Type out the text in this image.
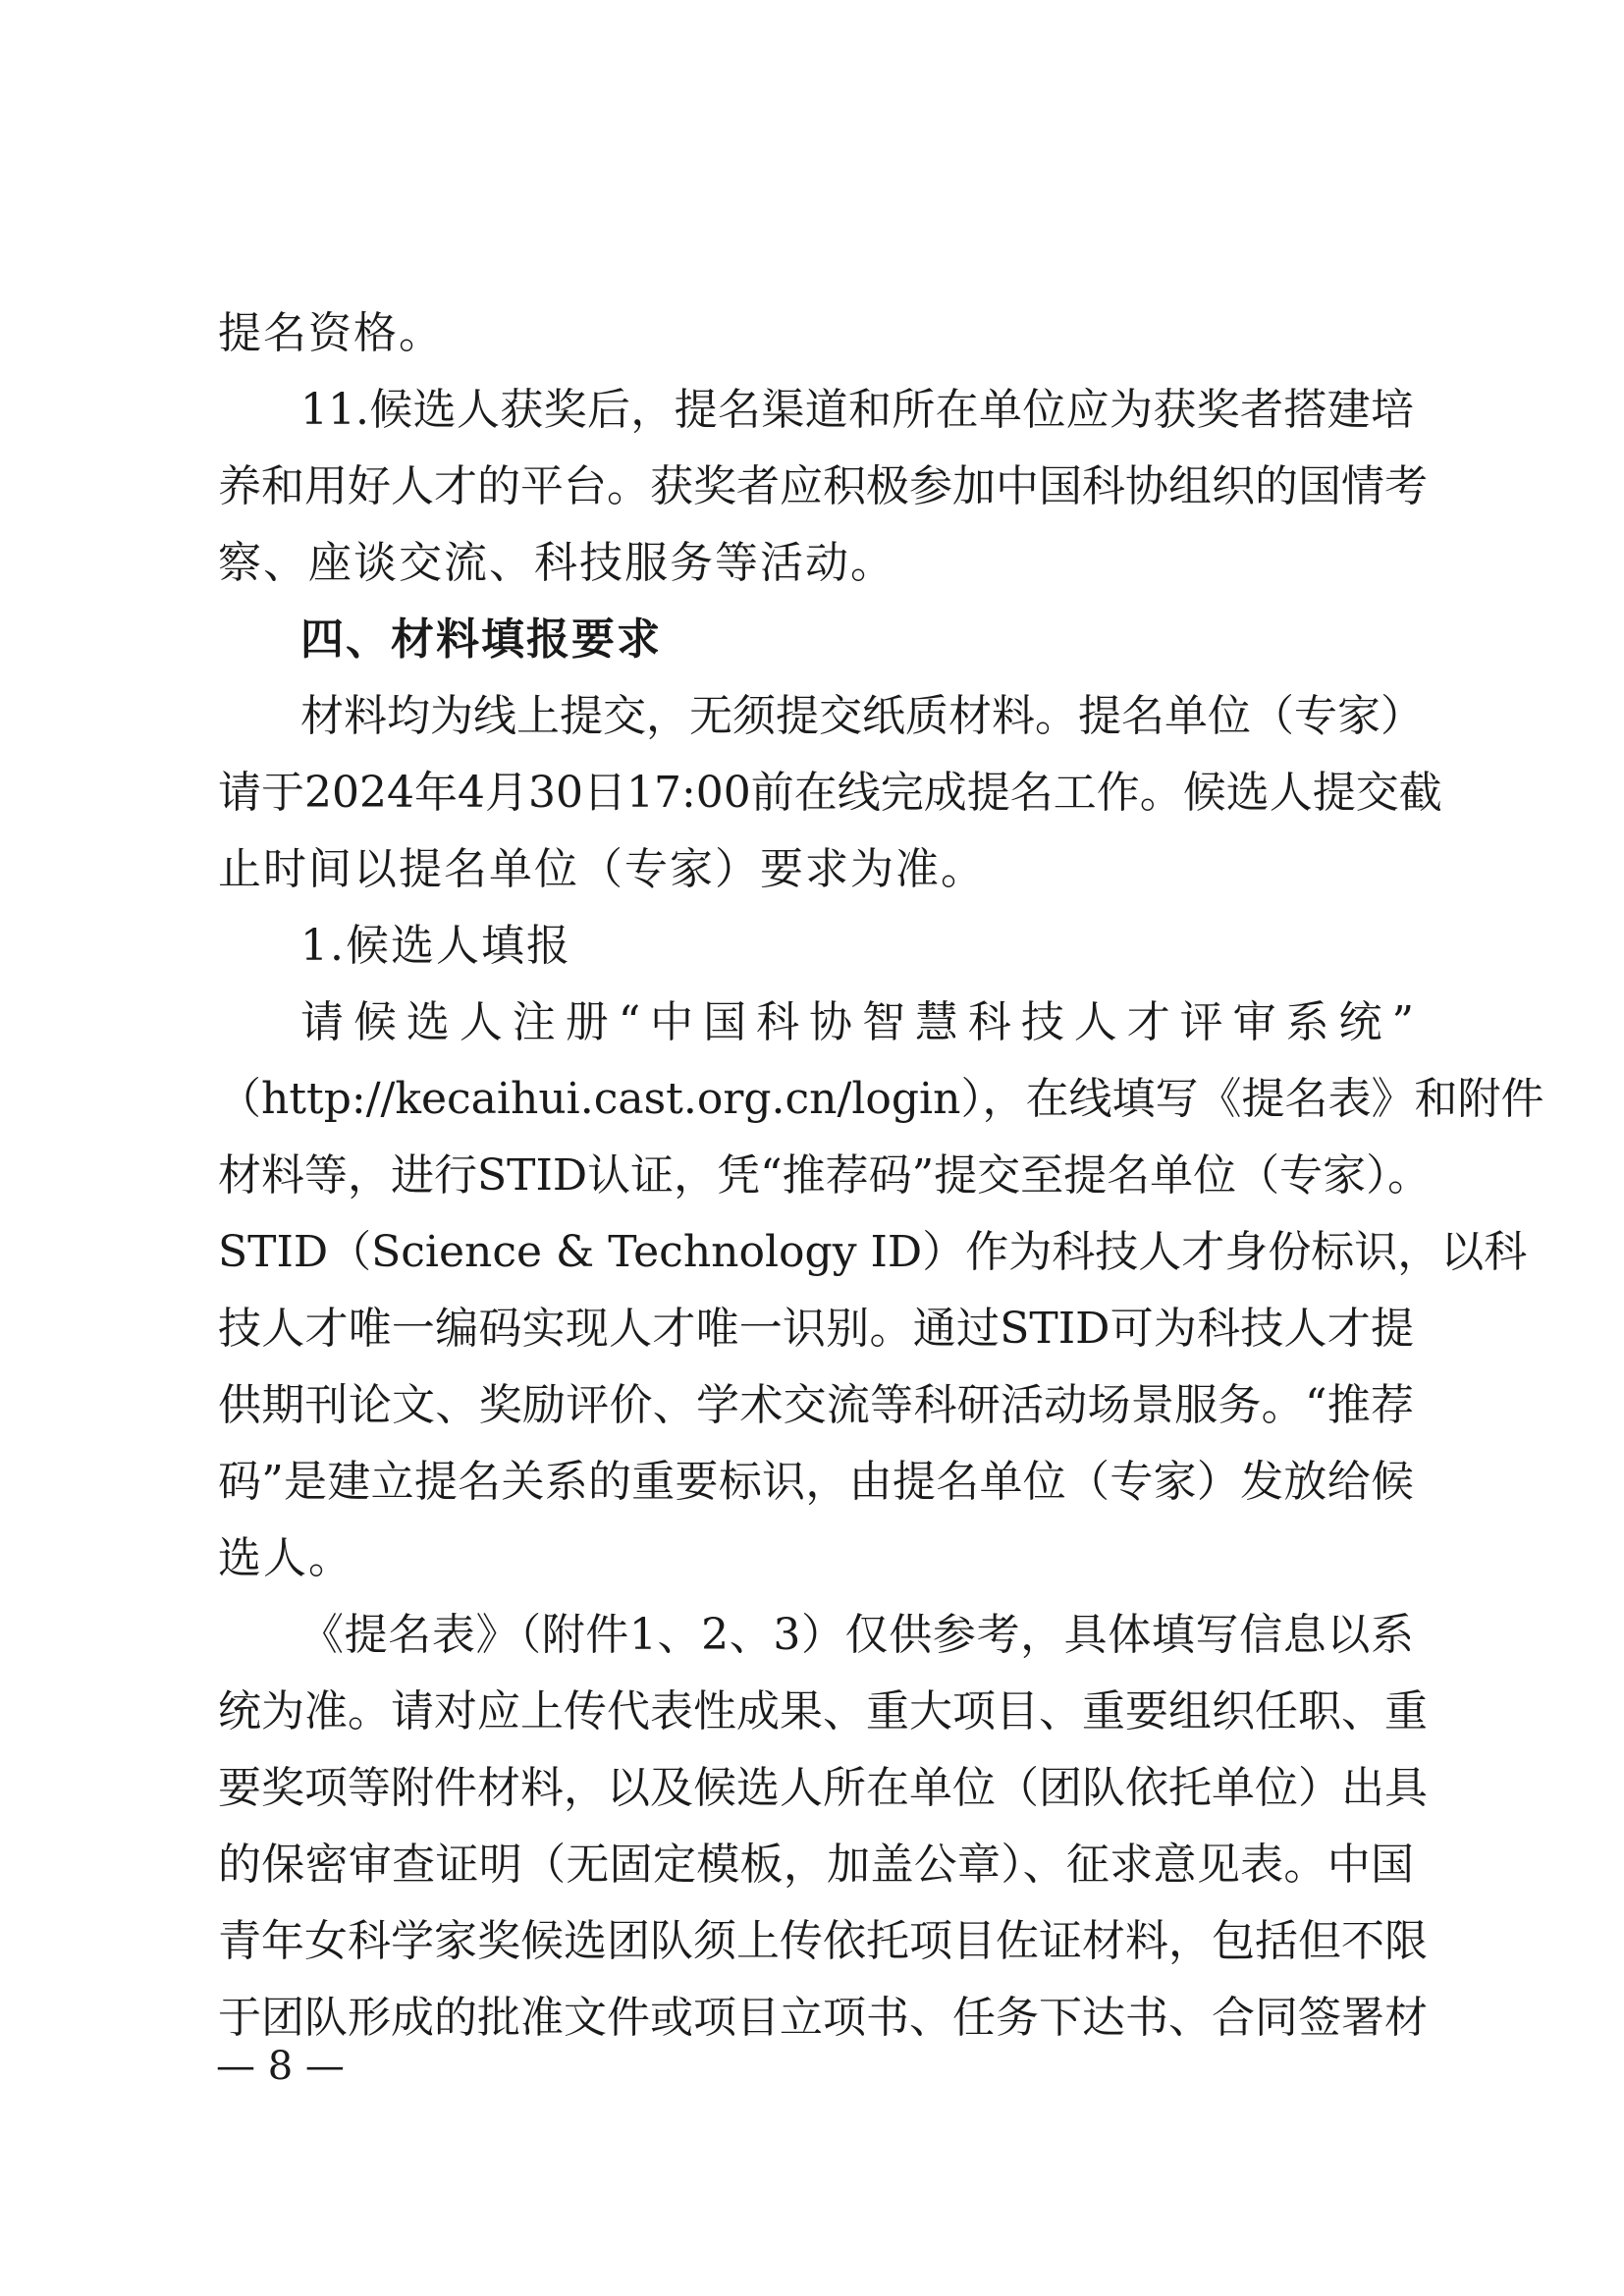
提名资格。
11.候选人获奖后，提名渠道和所在单位应为获奖者搭建培
养和用好人才的平台。获奖者应积极参加中国科协组织的国情考
察、座谈交流、科技服务等活动。
四、材料填报要求
材料均为线上提交，无须提交纸质材料。提名单位（专家）
请于2024年4月30日17:00前在线完成提名工作。候选人提交截
止时间以提名单位（专家）要求为准。
1.候选人填报
请候选人注册“中国科协智慧科技人才评审系统”
（http://kecaihui.cast.org.cn/login），在线填写《提名表》和附件
材料等，进行STID认证，凭“推荐码”提交至提名单位（专家）。
STID（Science & Technology ID）作为科技人才身份标识，以科
技人才唯一编码实现人才唯一识别。通过STID可为科技人才提
供期刊论文、奖励评价、学术交流等科研活动场景服务。“推荐
码”是建立提名关系的重要标识，由提名单位（专家）发放给候
选人。
《提名表》（附件1、2、3）仅供参考，具体填写信息以系
统为准。请对应上传代表性成果、重大项目、重要组织任职、重
要奖项等附件材料，以及候选人所在单位（团队依托单位）出具
的保密审查证明（无固定模板，加盖公章）、征求意见表。中国
青年女科学家奖候选团队须上传依托项目佐证材料，包括但不限
于团队形成的批准文件或项目立项书、任务下达书、合同签署材
— 8 —
